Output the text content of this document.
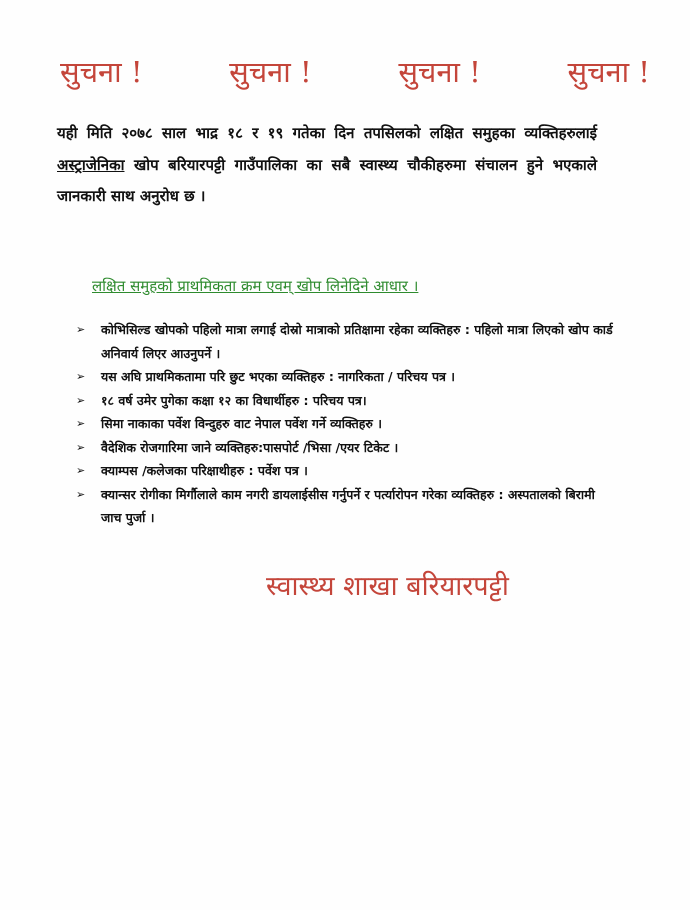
सुचना !	सुचना !	सुचना !	सुचना !

यही मिति २०७८ साल भाद्र १८ र १९ गतेका दिन तपसिलको लक्षित समुहका व्यक्तिहरुलाई अस्ट्राजेनिका खोप बरियारपट्टी गाउँपालिका का सबै स्वास्थ्य चौकीहरुमा संचालन हुने भएकाले जानकारी साथ अनुरोध छ ।

लक्षित समुहको प्राथमिकता क्रम एवम् खोप लिनेदिने आधार ।
➢ कोभिसिल्ड खोपको पहिलो मात्रा लगाई दोस्रो मात्राको प्रतिक्षामा रहेका व्यक्तिहरु : पहिलो मात्रा लिएको खोप कार्ड अनिवार्य लिएर आउनुपर्ने ।
➢ यस अघि प्राथमिकतामा परि छुट भएका व्यक्तिहरु : नागरिकता / परिचय पत्र ।
➢ १८ वर्ष उमेर पुगेका कक्षा १२ का विधार्थीहरु : परिचय पत्र।
➢ सिमा नाकाका पर्वेश विन्दुहरु वाट नेपाल पर्वेश गर्ने व्यक्तिहरु ।
➢ वैदेशिक रोजगारिमा जाने व्यक्तिहरु:पासपोर्ट /भिसा /एयर टिकेट ।
➢ क्याम्पस /कलेजका परिक्षाथीहरु : पर्वेश पत्र ।
➢ क्यान्सर रोगीका मिर्गौलाले काम नगरी डायलाईसीस गर्नुपर्ने र पर्त्यारोपन गरेका व्यक्तिहरु : अस्पतालको बिरामी जाच पुर्जा ।
स्वास्थ्य शाखा बरियारपट्टी
